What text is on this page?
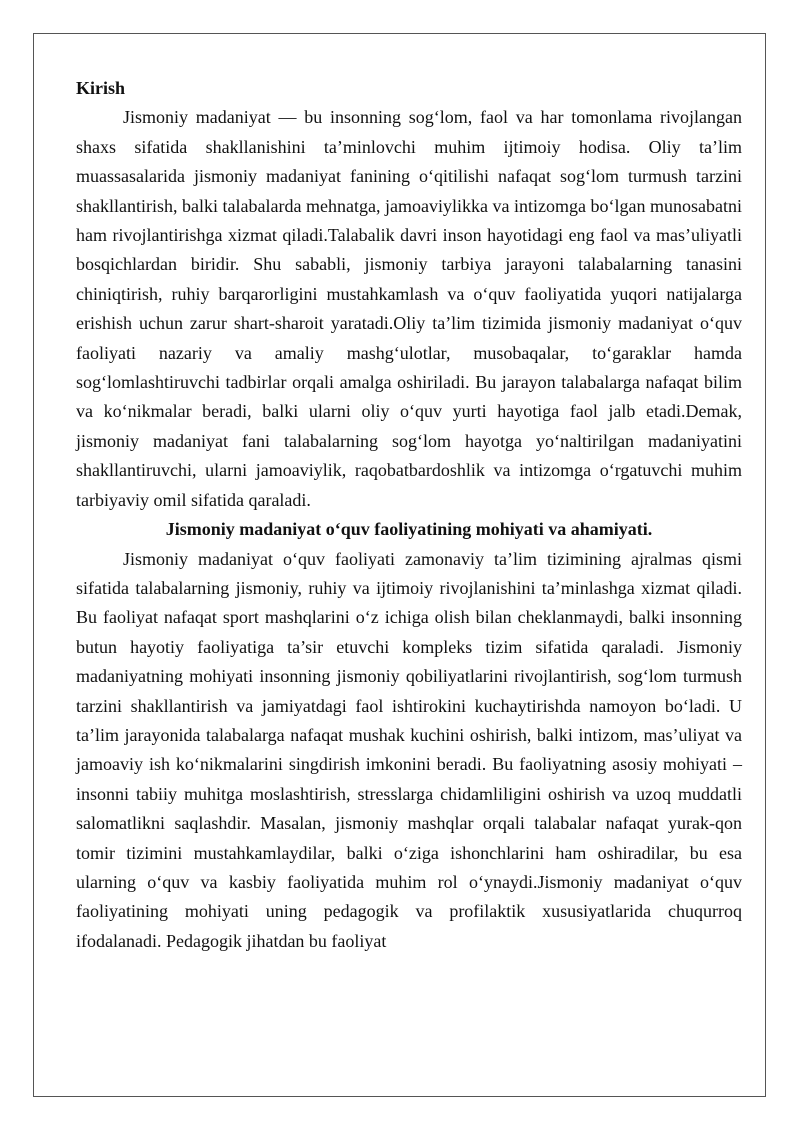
Kirish

Jismoniy madaniyat — bu insonning sog‘lom, faol va har tomonlama rivojlangan shaxs sifatida shakllanishini ta’minlovchi muhim ijtimoiy hodisa. Oliy ta’lim muassasalarida jismoniy madaniyat fanining o‘qitilishi nafaqat sog‘lom turmush tarzini shakllantirish, balki talabalarda mehnatga, jamoaviylikka va intizomga bo‘lgan munosabatni ham rivojlantirishga xizmat qiladi.Talabalik davri inson hayotidagi eng faol va mas’uliyatli bosqichlardan biridir. Shu sababli, jismoniy tarbiya jarayoni talabalarning tanasini chiniqtirish, ruhiy barqarorligini mustahkamlash va o‘quv faoliyatida yuqori natijalarga erishish uchun zarur shart-sharoit yaratadi.Oliy ta’lim tizimida jismoniy madaniyat o‘quv faoliyati nazariy va amaliy mashg‘ulotlar, musobaqalar, to‘garaklar hamda sog‘lomlashtiruvchi tadbirlar orqali amalga oshiriladi. Bu jarayon talabalarga nafaqat bilim va ko‘nikmalar beradi, balki ularni oliy o‘quv yurti hayotiga faol jalb etadi.Demak, jismoniy madaniyat fani talabalarning sog‘lom hayotga yo‘naltirilgan madaniyatini shakllantiruvchi, ularni jamoaviylik, raqobatbardoshlik va intizomga o‘rgatuvchi muhim tarbiyaviy omil sifatida qaraladi.

Jismoniy madaniyat o‘quv faoliyatining mohiyati va ahamiyati.

Jismoniy madaniyat o‘quv faoliyati zamonaviy ta’lim tizimining ajralmas qismi sifatida talabalarning jismoniy, ruhiy va ijtimoiy rivojlanishini ta’minlashga xizmat qiladi. Bu faoliyat nafaqat sport mashqlarini o‘z ichiga olish bilan cheklanmaydi, balki insonning butun hayotiy faoliyatiga ta’sir etuvchi kompleks tizim sifatida qaraladi. Jismoniy madaniyatning mohiyati insonning jismoniy qobiliyatlarini rivojlantirish, sog‘lom turmush tarzini shakllantirish va jamiyatdagi faol ishtirokini kuchaytirishda namoyon bo‘ladi. U ta’lim jarayonida talabalarga nafaqat mushak kuchini oshirish, balki intizom, mas’uliyat va jamoaviy ish ko‘nikmalarini singdirish imkonini beradi. Bu faoliyatning asosiy mohiyati – insonni tabiiy muhitga moslashtirish, stresslarga chidamliligini oshirish va uzoq muddatli salomatlikni saqlashdir. Masalan, jismoniy mashqlar orqali talabalar nafaqat yurak-qon tomir tizimini mustahkamlaydilar, balki o‘ziga ishonchlarini ham oshiradilar, bu esa ularning o‘quv va kasbiy faoliyatida muhim rol o‘ynaydi.Jismoniy madaniyat o‘quv faoliyatining mohiyati uning pedagogik va profilaktik xususiyatlarida chuqurroq ifodalanadi. Pedagogik jihatdan bu faoliyat
